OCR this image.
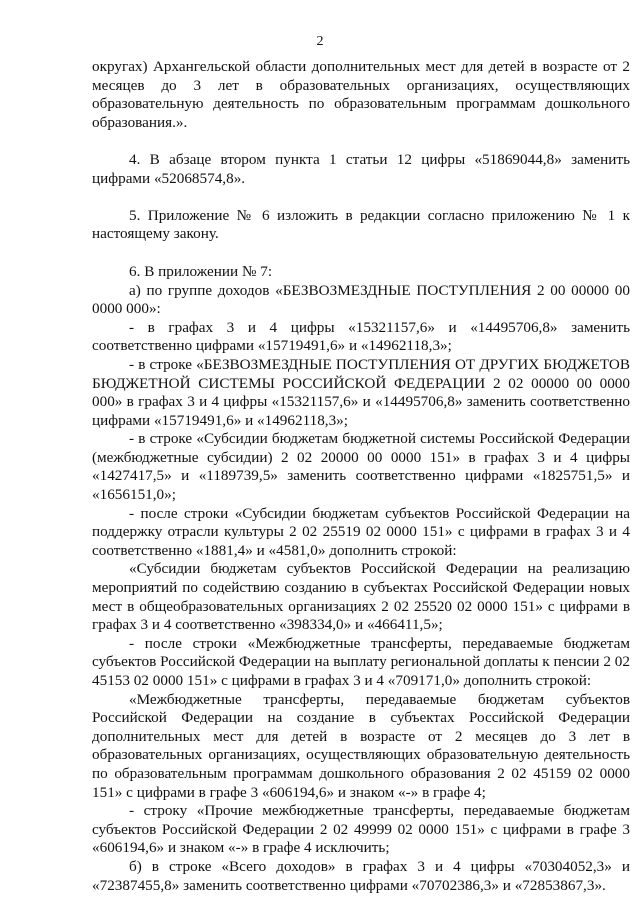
2

округах) Архангельской области дополнительных мест для детей в возрасте от 2 месяцев до 3 лет в образовательных организациях, осуществляющих образовательную деятельность по образовательным программам дошкольного образования.».

4. В абзаце втором пункта 1 статьи 12 цифры «51869044,8» заменить цифрами «52068574,8».

5. Приложение № 6 изложить в редакции согласно приложению № 1 к настоящему закону.

6. В приложении № 7:

а) по группе доходов «БЕЗВОЗМЕЗДНЫЕ ПОСТУПЛЕНИЯ 2 00 00000 00 0000 000»:

- в графах 3 и 4 цифры «15321157,6» и «14495706,8» заменить соответственно цифрами «15719491,6» и «14962118,3»;

- в строке «БЕЗВОЗМЕЗДНЫЕ ПОСТУПЛЕНИЯ ОТ ДРУГИХ БЮДЖЕТОВ БЮДЖЕТНОЙ СИСТЕМЫ РОССИЙСКОЙ ФЕДЕРАЦИИ 2 02 00000 00 0000 000» в графах 3 и 4 цифры «15321157,6» и «14495706,8» заменить соответственно цифрами «15719491,6» и «14962118,3»;

- в строке «Субсидии бюджетам бюджетной системы Российской Федерации (межбюджетные субсидии) 2 02 20000 00 0000 151» в графах 3 и 4 цифры «1427417,5» и «1189739,5» заменить соответственно цифрами «1825751,5» и «1656151,0»;

- после строки «Субсидии бюджетам субъектов Российской Федерации на поддержку отрасли культуры 2 02 25519 02 0000 151» с цифрами в графах 3 и 4 соответственно «1881,4» и «4581,0» дополнить строкой:

«Субсидии бюджетам субъектов Российской Федерации на реализацию мероприятий по содействию созданию в субъектах Российской Федерации новых мест в общеобразовательных организациях 2 02 25520 02 0000 151» с цифрами в графах 3 и 4 соответственно «398334,0» и «466411,5»;

- после строки «Межбюджетные трансферты, передаваемые бюджетам субъектов Российской Федерации на выплату региональной доплаты к пенсии 2 02 45153 02 0000 151» с цифрами в графах 3 и 4 «709171,0» дополнить строкой:

«Межбюджетные трансферты, передаваемые бюджетам субъектов Российской Федерации на создание в субъектах Российской Федерации дополнительных мест для детей в возрасте от 2 месяцев до 3 лет в образовательных организациях, осуществляющих образовательную деятельность по образовательным программам дошкольного образования 2 02 45159 02 0000 151» с цифрами в графе 3 «606194,6» и знаком «-» в графе 4;

- строку «Прочие межбюджетные трансферты, передаваемые бюджетам субъектов Российской Федерации 2 02 49999 02 0000 151» с цифрами в графе 3 «606194,6» и знаком «-» в графе 4 исключить;

б) в строке «Всего доходов» в графах 3 и 4 цифры «70304052,3» и «72387455,8» заменить соответственно цифрами «70702386,3» и «72853867,3».
